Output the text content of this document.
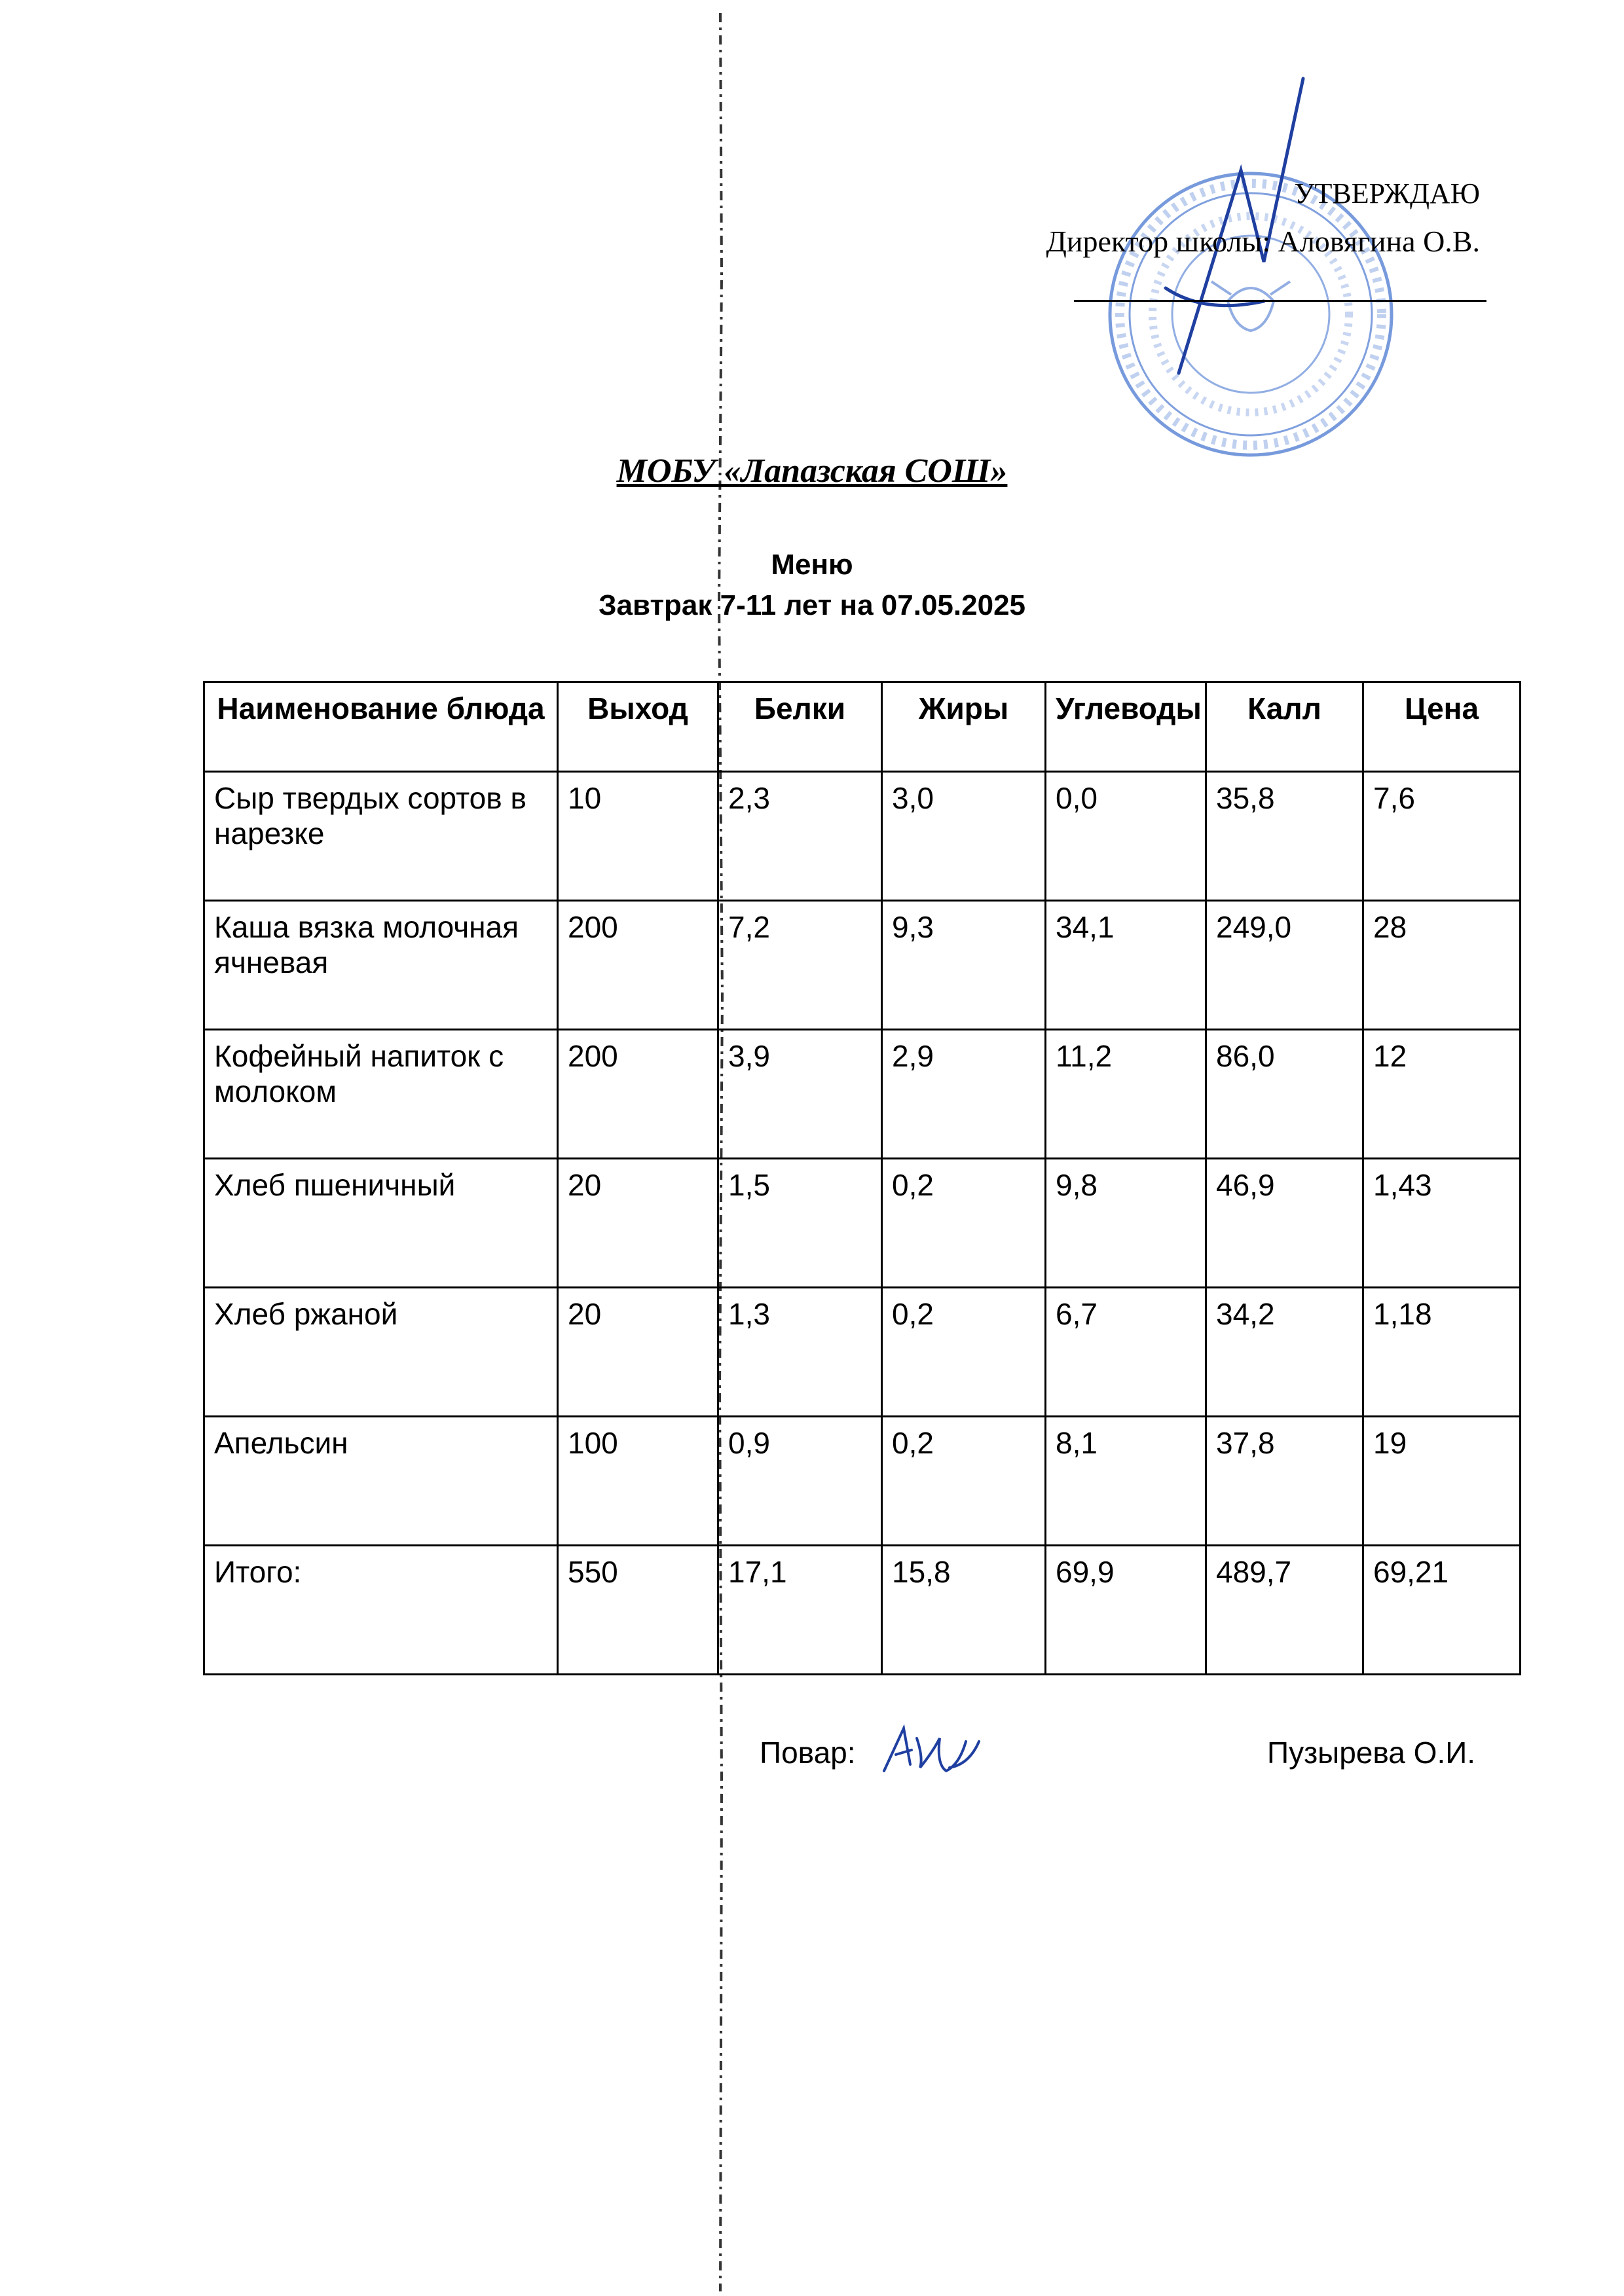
УТВЕРЖДАЮ
Директор школы: Аловягина О.В.
МОБУ «Лапазская СОШ»
Меню
Завтрак 7-11 лет на 07.05.2025
Наименование блюда	Выход	Белки	Жиры	Углеводы	Калл	Цена
Сыр твердых сортов в нарезке	10	2,3	3,0	0,0	35,8	7,6
Каша вязка молочная ячневая	200	7,2	9,3	34,1	249,0	28
Кофейный напиток с молоком	200	3,9	2,9	11,2	86,0	12
Хлеб пшеничный	20	1,5	0,2	9,8	46,9	1,43
Хлеб ржаной	20	1,3	0,2	6,7	34,2	1,18
Апельсин	100	0,9	0,2	8,1	37,8	19
Итого:	550	17,1	15,8	69,9	489,7	69,21
Повар:	Пузырева О.И.
